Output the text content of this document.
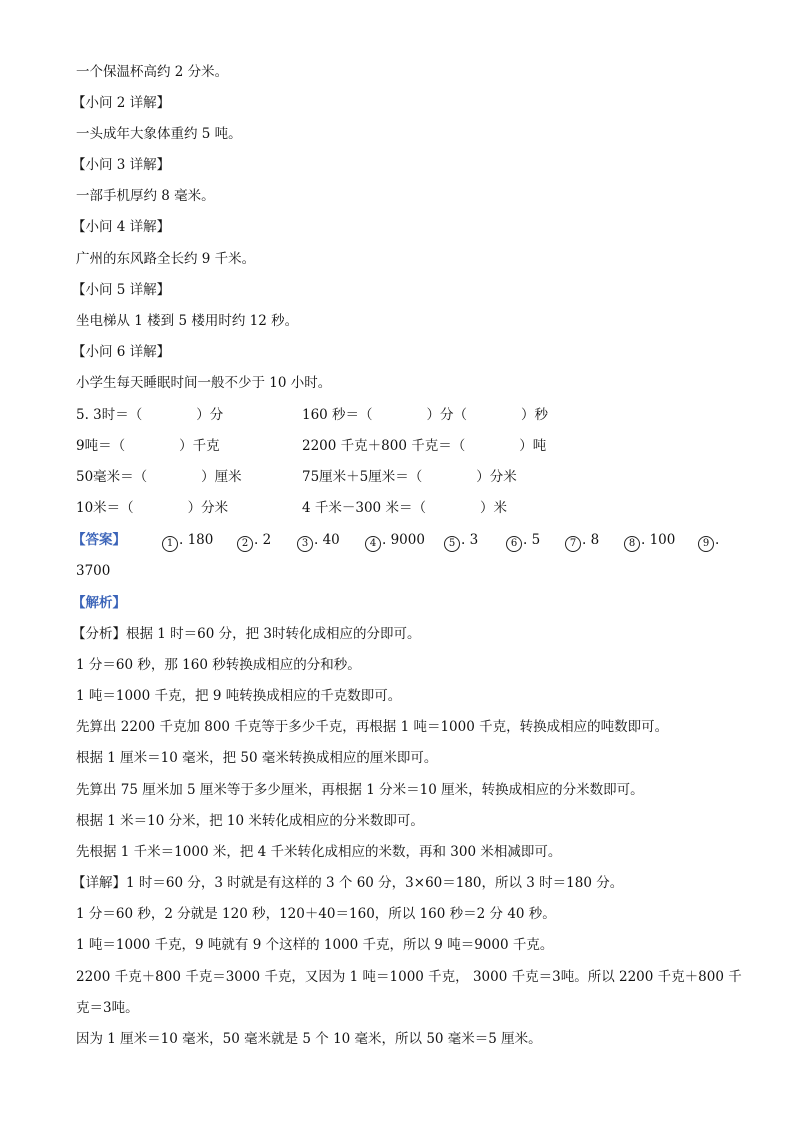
一个保温杯高约 2 分米。
【小问 2 详解】
一头成年大象体重约 5 吨。
【小问 3 详解】
一部手机厚约 8 毫米。
【小问 4 详解】
广州的东风路全长约 9 千米。
【小问 5 详解】
坐电梯从 1 楼到 5 楼用时约 12 秒。
【小问 6 详解】
小学生每天睡眠时间一般不少于 10 小时。
5. 3时＝（　　　　）分	160 秒＝（　　　　）分（　　　　）秒
9吨＝（　　　　）千克	2200 千克＋800 千克＝（　　　　）吨
50毫米＝（　　　　）厘米	75厘米＋5厘米＝（　　　　）分米
10米＝（　　　　）分米	4 千米－300 米＝（　　　　）米
【答案】	1 . 180	2 . 2	3 . 40	4 . 9000	5 . 3	6 . 5	7 . 8	8 . 100	9 .
3700
【解析】
【分析】根据 1 时＝60 分，把 3时转化成相应的分即可。
1 分＝60 秒，那 160 秒转换成相应的分和秒。
1 吨＝1000 千克，把 9 吨转换成相应的千克数即可。
先算出 2200 千克加 800 千克等于多少千克，再根据 1 吨＝1000 千克，转换成相应的吨数即可。
根据 1 厘米＝10 毫米，把 50 毫米转换成相应的厘米即可。
先算出 75 厘米加 5 厘米等于多少厘米，再根据 1 分米＝10 厘米，转换成相应的分米数即可。
根据 1 米＝10 分米，把 10 米转化成相应的分米数即可。
先根据 1 千米＝1000 米，把 4 千米转化成相应的米数，再和 300 米相减即可。
【详解】1 时＝60 分，3 时就是有这样的 3 个 60 分，3×60＝180，所以 3 时＝180 分。
1 分＝60 秒，2 分就是 120 秒，120＋40＝160，所以 160 秒＝2 分 40 秒。
1 吨＝1000 千克，9 吨就有 9 个这样的 1000 千克，所以 9 吨＝9000 千克。
2200 千克＋800 千克＝3000 千克，又因为 1 吨＝1000 千克， 3000 千克＝3吨。所以 2200 千克＋800 千
克＝3吨。
因为 1 厘米＝10 毫米，50 毫米就是 5 个 10 毫米，所以 50 毫米＝5 厘米。
